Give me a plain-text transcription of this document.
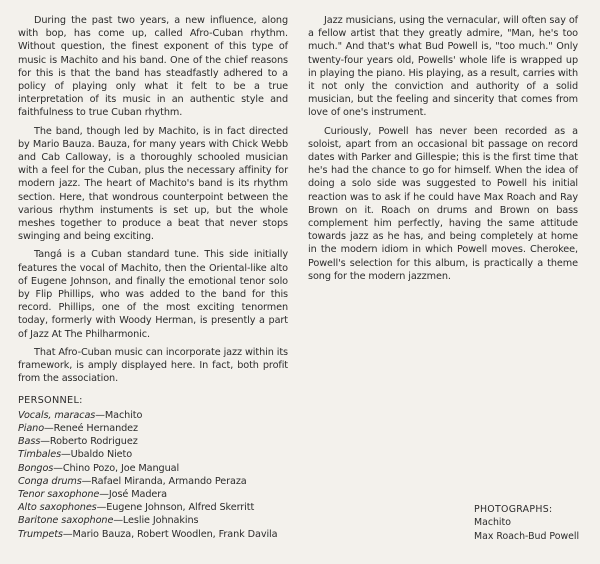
During the past two years, a new influence, along with bop, has come up, called Afro-Cuban rhythm. Without question, the finest exponent of this type of music is Machito and his band. One of the chief reasons for this is that the band has steadfastly adhered to a policy of playing only what it felt to be a true interpretation of its music in an authentic style and faithfulness to true Cuban rhythm.

The band, though led by Machito, is in fact directed by Mario Bauza. Bauza, for many years with Chick Webb and Cab Calloway, is a thoroughly schooled musician with a feel for the Cuban, plus the necessary affinity for modern jazz. The heart of Machito's band is its rhythm section. Here, that wondrous counterpoint between the various rhythm instuments is set up, but the whole meshes together to produce a beat that never stops swinging and being exciting.

Tangá is a Cuban standard tune. This side initially features the vocal of Machito, then the Oriental-like alto of Eugene Johnson, and finally the emotional tenor solo by Flip Phillips, who was added to the band for this record. Phillips, one of the most exciting tenormen today, formerly with Woody Herman, is presently a part of Jazz At The Philharmonic.

That Afro-Cuban music can incorporate jazz within its framework, is amply displayed here. In fact, both profit from the association.

PERSONNEL:
Vocals, maracas—Machito
Piano—Reneé Hernandez
Bass—Roberto Rodriguez
Timbales—Ubaldo Nieto
Bongos—Chino Pozo, Joe Mangual
Conga drums—Rafael Miranda, Armando Peraza
Tenor saxophone—José Madera
Alto saxophones—Eugene Johnson, Alfred Skerritt
Baritone saxophone—Leslie Johnakins
Trumpets—Mario Bauza, Robert Woodlen, Frank Davila

Jazz musicians, using the vernacular, will often say of a fellow artist that they greatly admire, "Man, he's too much." And that's what Bud Powell is, "too much." Only twenty-four years old, Powells' whole life is wrapped up in playing the piano. His playing, as a result, carries with it not only the conviction and authority of a solid musician, but the feeling and sincerity that comes from love of one's instrument.

Curiously, Powell has never been recorded as a soloist, apart from an occasional bit passage on record dates with Parker and Gillespie; this is the first time that he's had the chance to go for himself. When the idea of doing a solo side was suggested to Powell his initial reaction was to ask if he could have Max Roach and Ray Brown on it. Roach on drums and Brown on bass complement him perfectly, having the same attitude towards jazz as he has, and being completely at home in the modern idiom in which Powell moves. Cherokee, Powell's selection for this album, is practically a theme song for the modern jazzmen.

PHOTOGRAPHS:
Machito
Max Roach-Bud Powell
